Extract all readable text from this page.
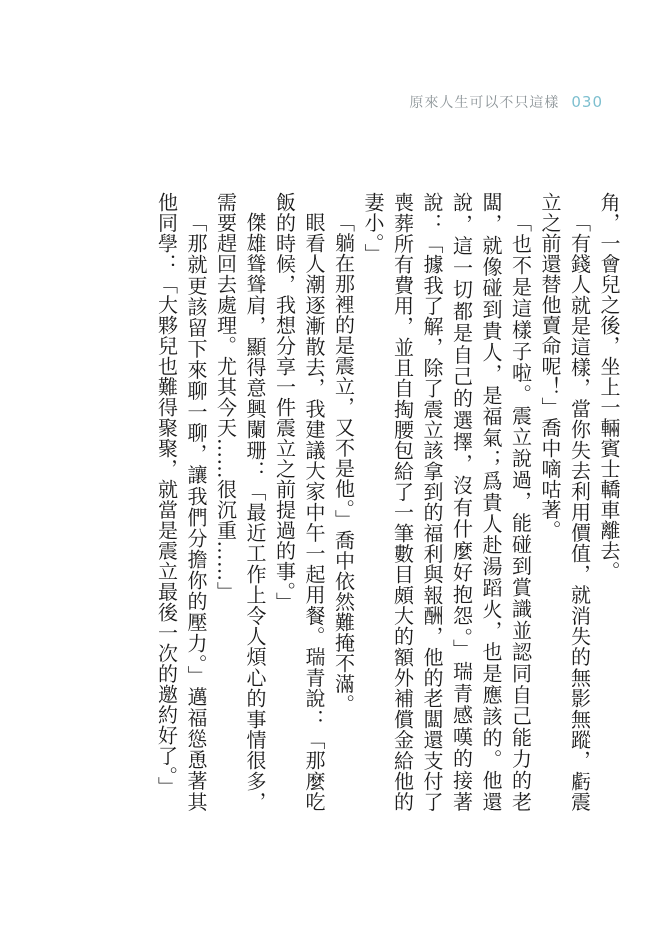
原來人生可以不只這樣 030

角，一會兒之後，坐上一輛賓士轎車離去。

「有錢人就是這樣，當你失去利用價值，就消失的無影無蹤，虧震立之前還替他賣命呢！」喬中嘀咕著。

「也不是這樣子啦。震立說過，能碰到賞識並認同自己能力的老闆，就像碰到貴人，是福氣；爲貴人赴湯蹈火，也是應該的。他還說，這一切都是自己的選擇，沒有什麼好抱怨。」瑞青感嘆的接著說：「據我了解，除了震立該拿到的福利與報酬，他的老闆還支付了喪葬所有費用，並且自掏腰包給了一筆數目頗大的額外補償金給他的妻小。」

「躺在那裡的是震立，又不是他。」喬中依然難掩不滿。

眼看人潮逐漸散去，我建議大家中午一起用餐。瑞青說：「那麼吃飯的時候，我想分享一件震立之前提過的事。」

傑雄聳聳肩，顯得意興闌珊：「最近工作上令人煩心的事情很多，需要趕回去處理。尤其今天……很沉重……」

「那就更該留下來聊一聊，讓我們分擔你的壓力。」邁福慫恿著其他同學：「大夥兒也難得聚聚，就當是震立最後一次的邀約好了。」
